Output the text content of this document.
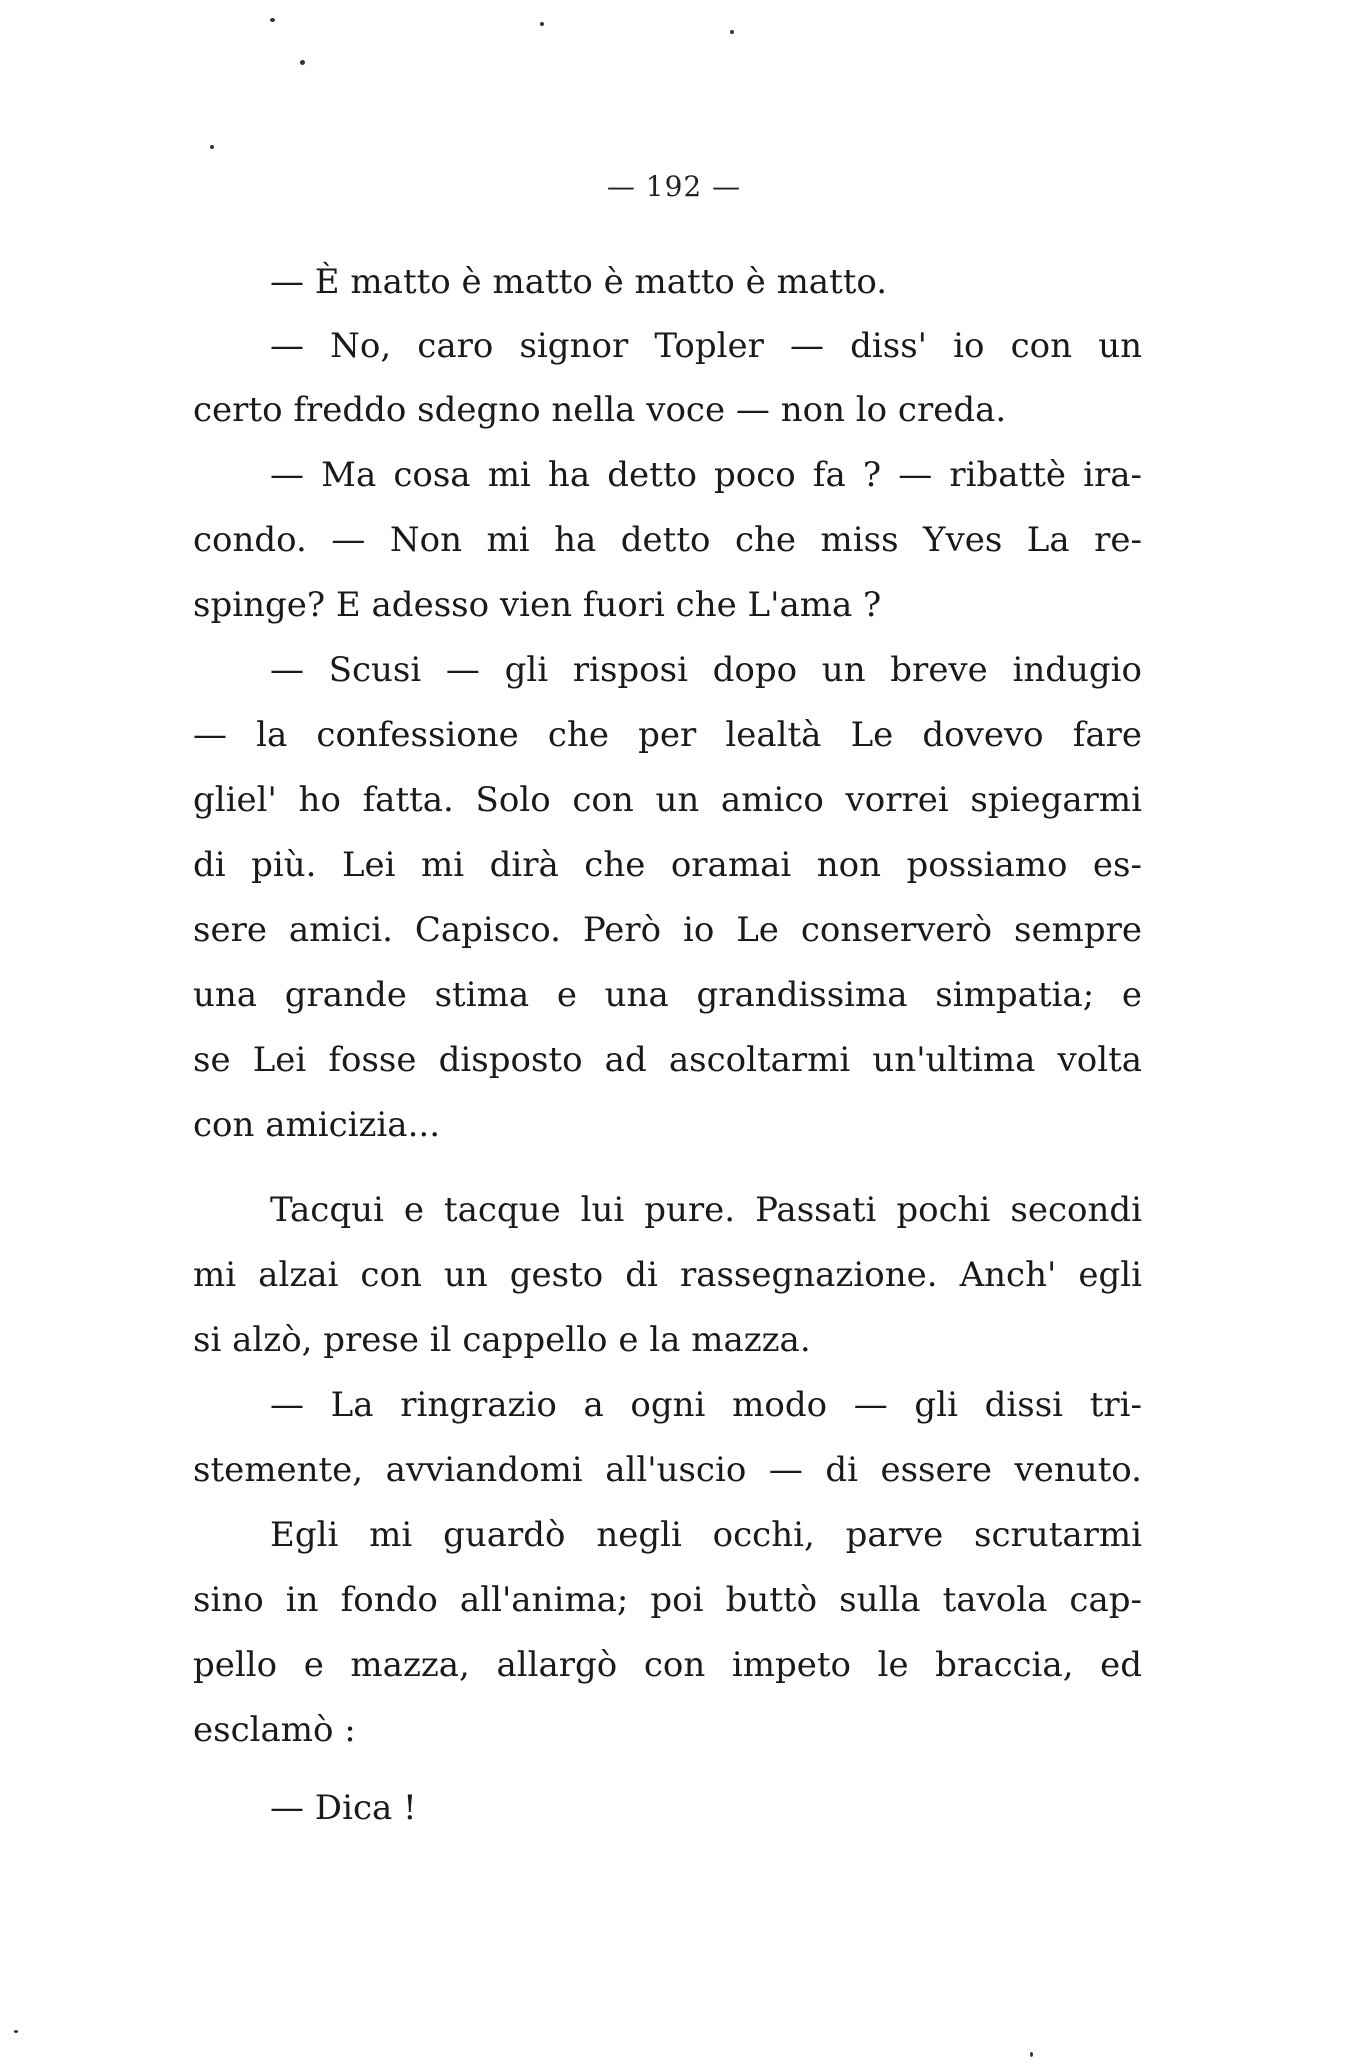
— 192 —
— È matto è matto è matto è matto.
— No, caro signor Topler — diss' io con un
certo freddo sdegno nella voce — non lo creda.
— Ma cosa mi ha detto poco fa ? — ribattè ira-
condo. — Non mi ha detto che miss Yves La re-
spinge? E adesso vien fuori che L'ama ?
— Scusi — gli risposi dopo un breve indugio
— la confessione che per lealtà Le dovevo fare
gliel' ho fatta. Solo con un amico vorrei spiegarmi
di più. Lei mi dirà che oramai non possiamo es-
sere amici. Capisco. Però io Le conserverò sempre
una grande stima e una grandissima simpatia; e
se Lei fosse disposto ad ascoltarmi un'ultima volta
con amicizia...
Tacqui e tacque lui pure. Passati pochi secondi
mi alzai con un gesto di rassegnazione. Anch' egli
si alzò, prese il cappello e la mazza.
— La ringrazio a ogni modo — gli dissi tri-
stemente, avviandomi all'uscio — di essere venuto.
Egli mi guardò negli occhi, parve scrutarmi
sino in fondo all'anima; poi buttò sulla tavola cap-
pello e mazza, allargò con impeto le braccia, ed
esclamò :
— Dica !
